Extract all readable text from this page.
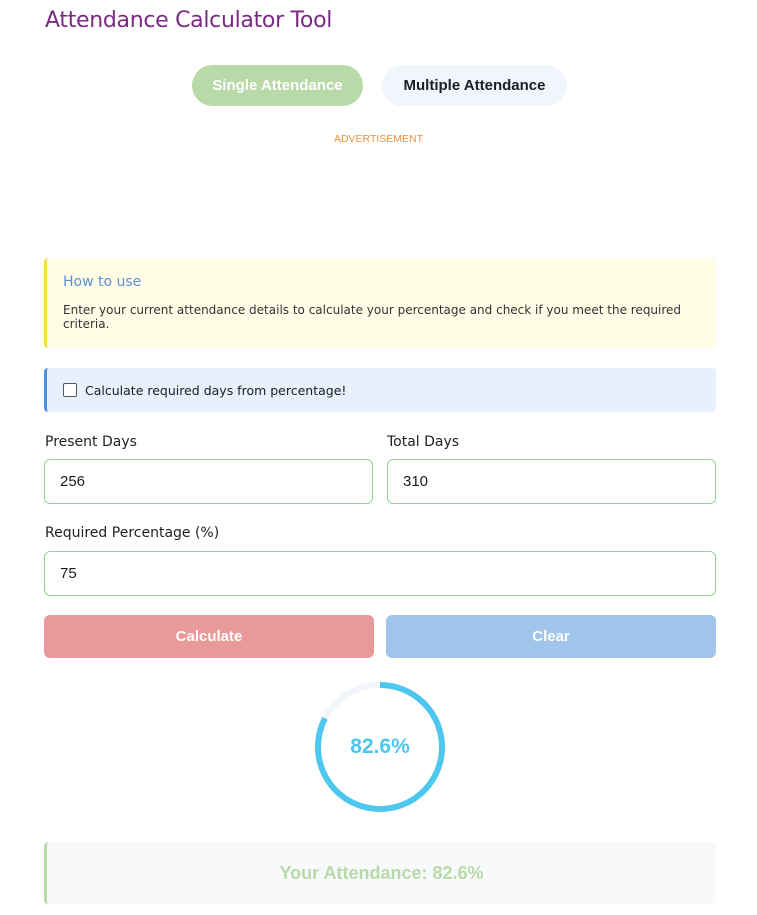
Attendance Calculator Tool
Single Attendance	Multiple Attendance
ADVERTISEMENT
How to use
Enter your current attendance details to calculate your percentage and check if you meet the required criteria.
Calculate required days from percentage!
Present Days
256
Total Days
310
Required Percentage (%)
75
Calculate	Clear
82.6%
Your Attendance: 82.6%
